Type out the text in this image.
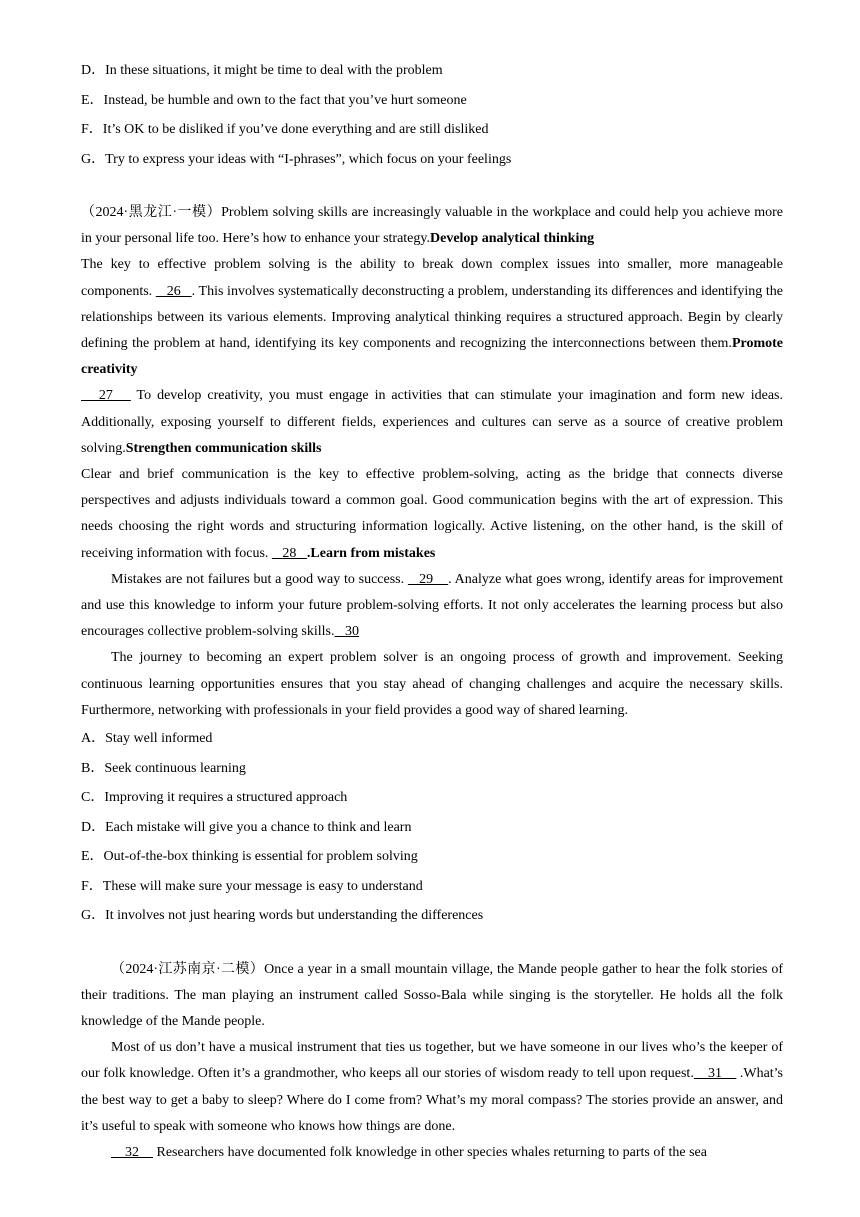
D．In these situations, it might be time to deal with the problem
E．Instead, be humble and own to the fact that you’ve hurt someone
F．It’s OK to be disliked if you’ve done everything and are still disliked
G．Try to express your ideas with “I-phrases”, which focus on your feelings

（2024·黑龙江·一模）Problem solving skills are increasingly valuable in the workplace and could help you achieve more in your personal life too. Here’s how to enhance your strategy.Develop analytical thinking
The key to effective problem solving is the ability to break down complex issues into smaller, more manageable components.    26   . This involves systematically deconstructing a problem, understanding its differences and identifying the relationships between its various elements. Improving analytical thinking requires a structured approach. Begin by clearly defining the problem at hand, identifying its key components and recognizing the interconnections between them.Promote creativity
27    To develop creativity, you must engage in activities that can stimulate your imagination and form new ideas. Additionally, exposing yourself to different fields, experiences and cultures can serve as a source of creative problem solving.Strengthen communication skills
Clear and brief communication is the key to effective problem-solving, acting as the bridge that connects diverse perspectives and adjusts individuals toward a common goal. Good communication begins with the art of expression. This needs choosing the right words and structuring information logically. Active listening, on the other hand, is the skill of receiving information with focus.    28   .Learn from mistakes

Mistakes are not failures but a good way to success.    29    . Analyze what goes wrong, identify areas for improvement and use this knowledge to inform your future problem-solving efforts. It not only accelerates the learning process but also encourages collective problem-solving skills.   30

The journey to becoming an expert problem solver is an ongoing process of growth and improvement. Seeking continuous learning opportunities ensures that you stay ahead of changing challenges and acquire the necessary skills. Furthermore, networking with professionals in your field provides a good way of shared learning.

A．Stay well informed
B．Seek continuous learning
C．Improving it requires a structured approach
D．Each mistake will give you a chance to think and learn
E．Out-of-the-box thinking is essential for problem solving
F．These will make sure your message is easy to understand
G．It involves not just hearing words but understanding the differences

（2024·江苏南京·二模）Once a year in a small mountain village, the Mande people gather to hear the folk stories of their traditions. The man playing an instrument called Sosso-Bala while singing is the storyteller. He holds all the folk knowledge of the Mande people.

Most of us don’t have a musical instrument that ties us together, but we have someone in our lives who’s the keeper of our folk knowledge. Often it’s a grandmother, who keeps all our stories of wisdom ready to tell upon request.    31     .What’s the best way to get a baby to sleep? Where do I come from? What’s my moral compass? The stories provide an answer, and it’s useful to speak with someone who knows how things are done.

32     Researchers have documented folk knowledge in other species whales returning to parts of the sea
